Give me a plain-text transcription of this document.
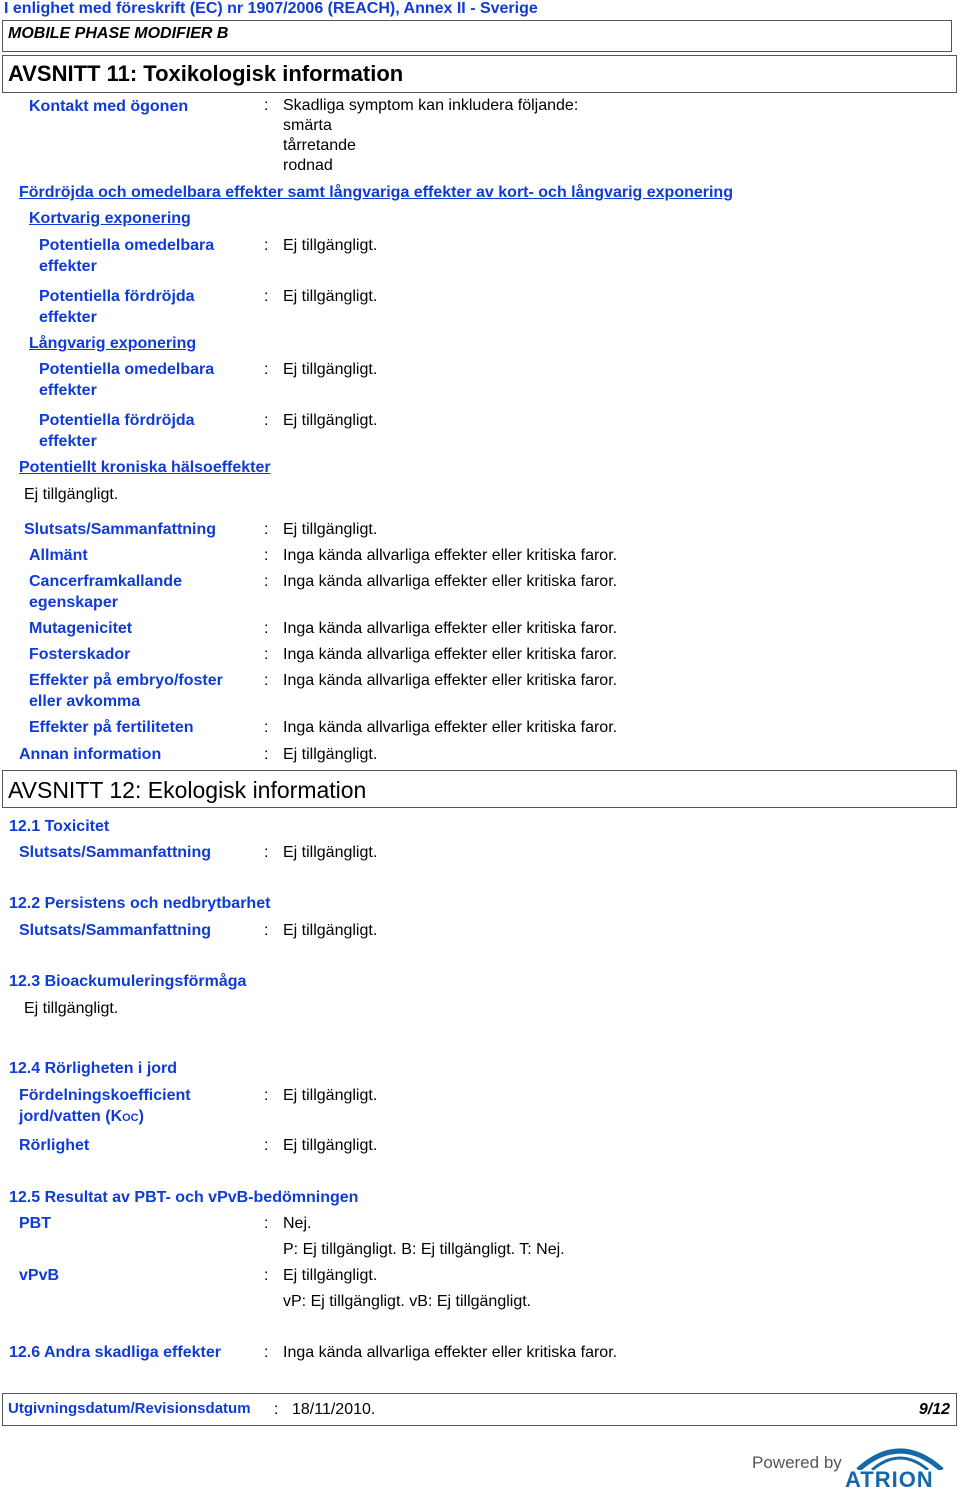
I enlighet med föreskrift (EC) nr 1907/2006 (REACH), Annex II - Sverige
MOBILE PHASE MODIFIER B
AVSNITT 11: Toxikologisk information
Kontakt med ögonen	: Skadliga symptom kan inkludera följande:
smärta
tårretande
rodnad
Fördröjda och omedelbara effekter samt långvariga effekter av kort- och långvarig exponering
Kortvarig exponering
Potentiella omedelbara
effekter
: Ej tillgängligt.
Potentiella fördröjda
effekter
: Ej tillgängligt.
Långvarig exponering
Potentiella omedelbara
effekter
: Ej tillgängligt.
Potentiella fördröjda
effekter
: Ej tillgängligt.
Potentiellt kroniska hälsoeffekter
Ej tillgängligt.
Slutsats/Sammanfattning	: Ej tillgängligt.
Allmänt	: Inga kända allvarliga effekter eller kritiska faror.
Cancerframkallande
egenskaper
: Inga kända allvarliga effekter eller kritiska faror.
Mutagenicitet	: Inga kända allvarliga effekter eller kritiska faror.
Fosterskador	: Inga kända allvarliga effekter eller kritiska faror.
Effekter på embryo/foster
eller avkomma
: Inga kända allvarliga effekter eller kritiska faror.
Effekter på fertiliteten	: Inga kända allvarliga effekter eller kritiska faror.
Annan information	: Ej tillgängligt.
AVSNITT 12: Ekologisk information
12.1 Toxicitet
Slutsats/Sammanfattning	: Ej tillgängligt.
12.2 Persistens och nedbrytbarhet
Slutsats/Sammanfattning	: Ej tillgängligt.
12.3 Bioackumuleringsförmåga
Ej tillgängligt.
12.4 Rörligheten i jord
Fördelningskoefficient
jord/vatten (KOC)
: Ej tillgängligt.
Rörlighet	: Ej tillgängligt.
12.5 Resultat av PBT- och vPvB-bedömningen
PBT	: Nej.
P: Ej tillgängligt. B: Ej tillgängligt. T: Nej.
vPvB	: Ej tillgängligt.
vP: Ej tillgängligt. vB: Ej tillgängligt.
12.6 Andra skadliga effekter	: Inga kända allvarliga effekter eller kritiska faror.
Utgivningsdatum/Revisionsdatum : 18/11/2010.	9/12
Powered by
ATRION
